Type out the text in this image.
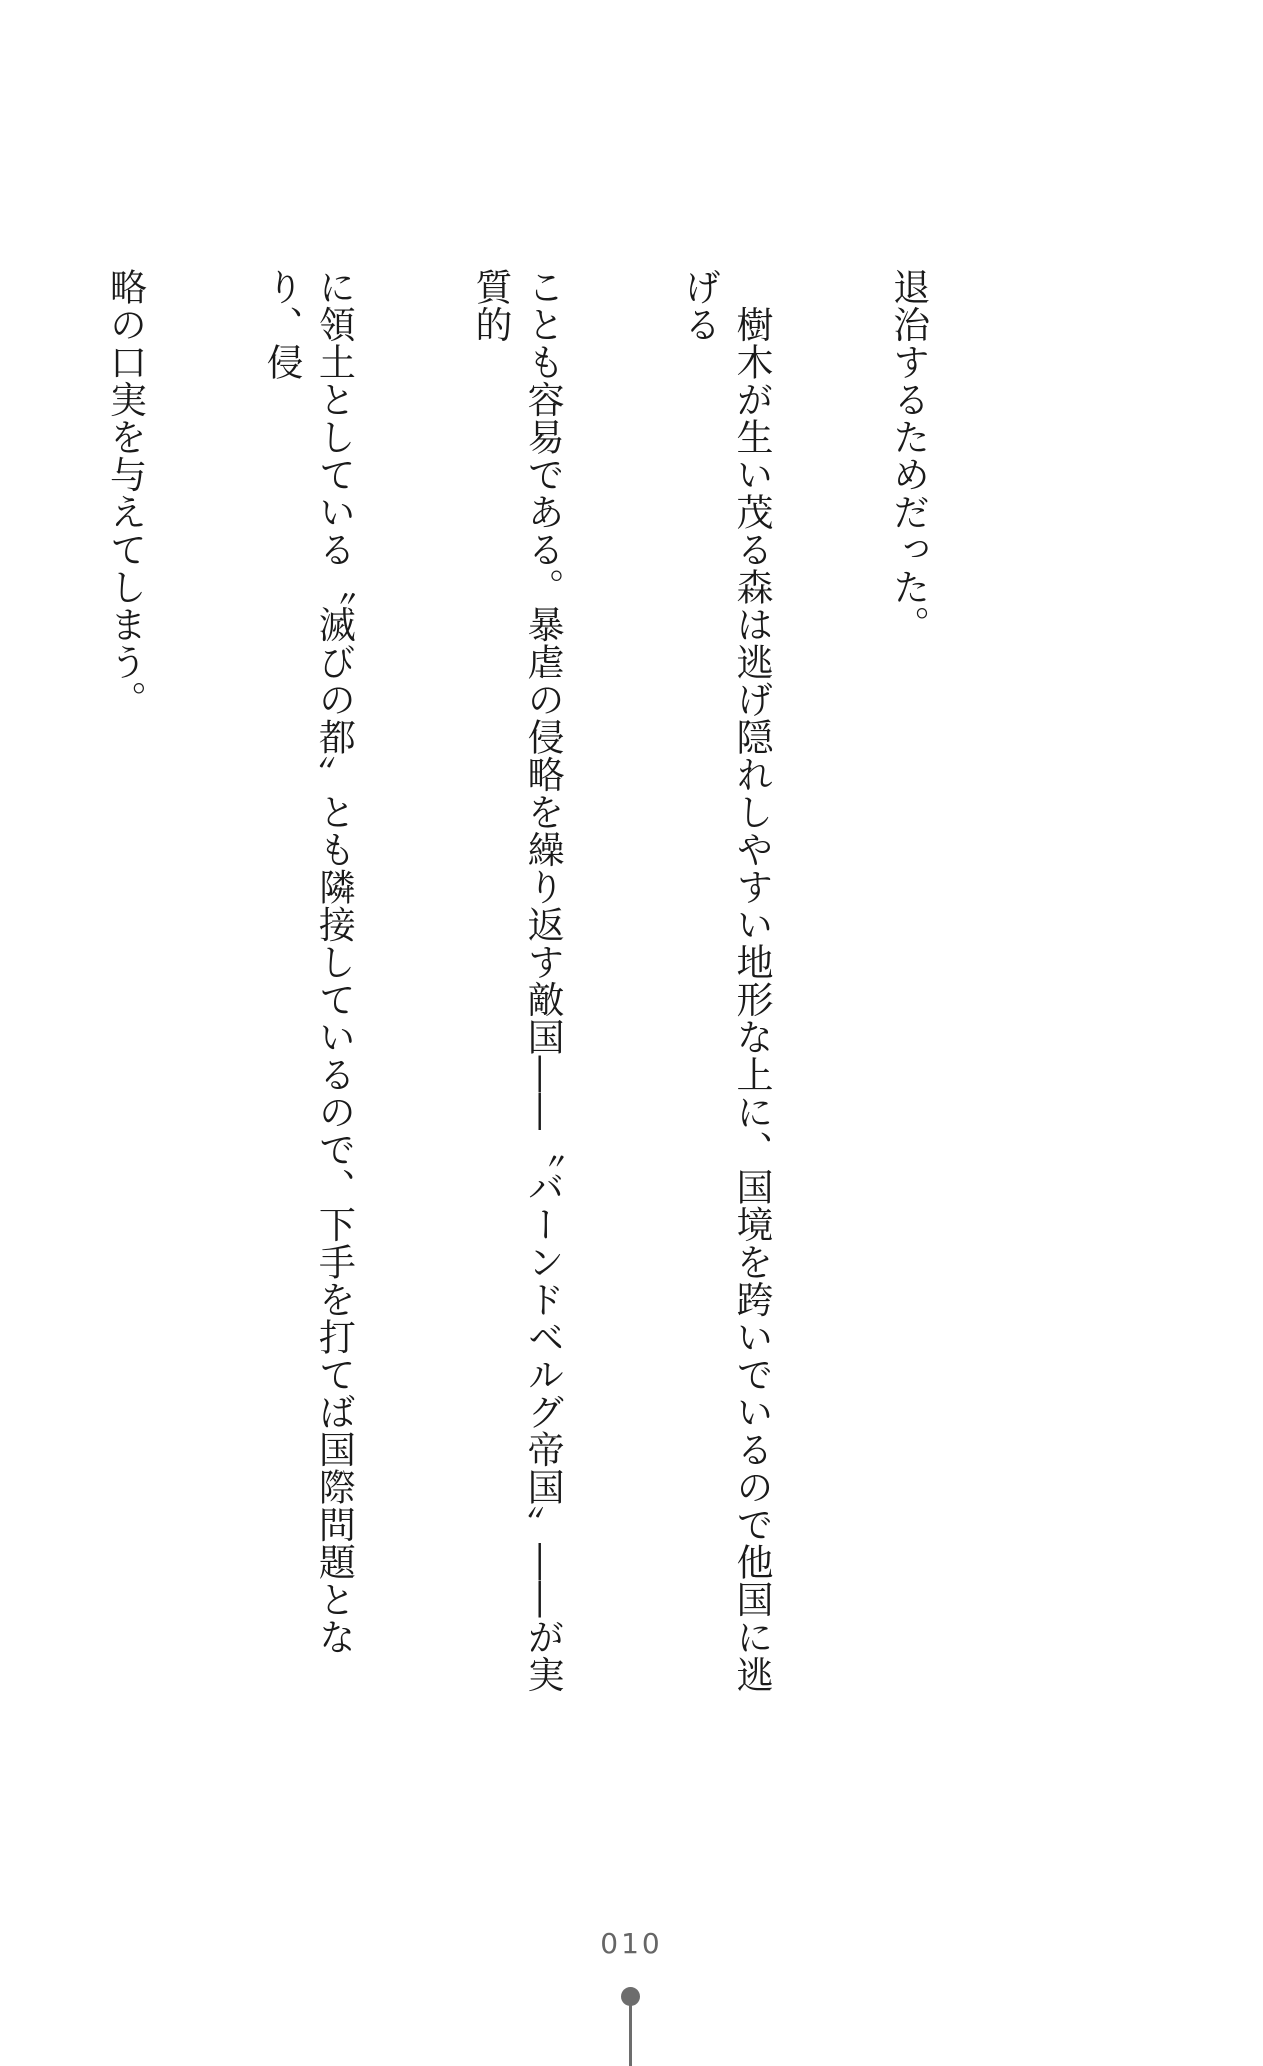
退治するためだった。

　樹木が生い茂る森は逃げ隠れしやすい地形な上に、国境を跨いでいるので他国に逃げる

ことも容易である。暴虐の侵略を繰り返す敵国――〝バーンドベルグ帝国〟――が実質的

に領土としている〝滅びの都〟とも隣接しているので、下手を打てば国際問題となり、侵

略の口実を与えてしまう。

010
